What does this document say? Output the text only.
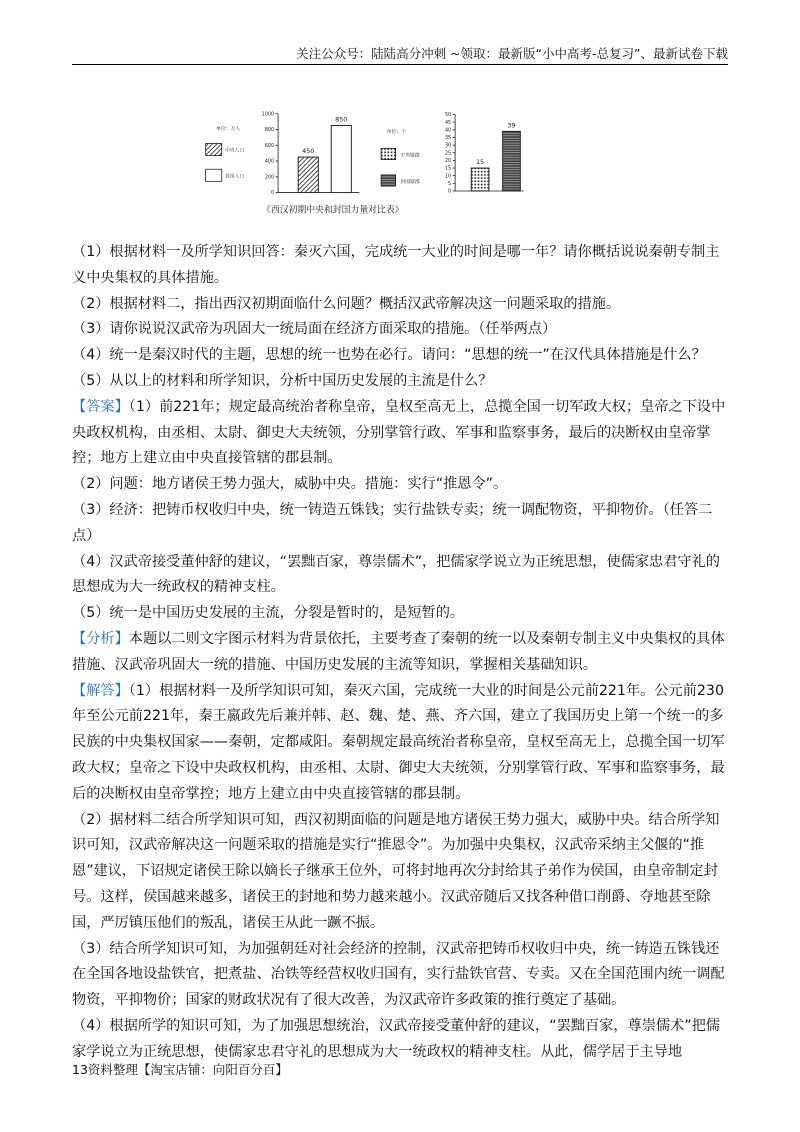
关注公众号：陆陆高分冲刺 ~领取：最新版“小中高考-总复习”、最新试卷下载
单位：万人
中央人口
封国人口
1000
800
600
400
200
0
450
850
单位：个
中央辖郡
封国辖郡
50
45
40
35
30
25
20
15
10
5
0
15
39
《西汉初期中央和封国力量对比表》

（1）根据材料一及所学知识回答：秦灭六国，完成统一大业的时间是哪一年？请你概括说说秦朝专制主义中央集权的具体措施。

（2）根据材料二，指出西汉初期面临什么问题？概括汉武帝解决这一问题采取的措施。

（3）请你说说汉武帝为巩固大一统局面在经济方面采取的措施。（任举两点）

（4）统一是秦汉时代的主题，思想的统一也势在必行。请问：“思想的统一”在汉代具体措施是什么？

（5）从以上的材料和所学知识，分析中国历史发展的主流是什么？

【答案】（1）前221年；规定最高统治者称皇帝，皇权至高无上，总揽全国一切军政大权；皇帝之下设中央政权机构，由丞相、太尉、御史大夫统领，分别掌管行政、军事和监察事务，最后的决断权由皇帝掌控；地方上建立由中央直接管辖的郡县制。

（2）问题：地方诸侯王势力强大，威胁中央。措施：实行“推恩令”。

（3）经济：把铸币权收归中央，统一铸造五铢钱；实行盐铁专卖；统一调配物资，平抑物价。（任答二点）

（4）汉武帝接受董仲舒的建议，“罢黜百家，尊崇儒术”，把儒家学说立为正统思想，使儒家忠君守礼的思想成为大一统政权的精神支柱。

（5）统一是中国历史发展的主流，分裂是暂时的，是短暂的。

【分析】本题以二则文字图示材料为背景依托，主要考查了秦朝的统一以及秦朝专制主义中央集权的具体措施、汉武帝巩固大一统的措施、中国历史发展的主流等知识，掌握相关基础知识。

【解答】（1）根据材料一及所学知识可知，秦灭六国，完成统一大业的时间是公元前221年。公元前230年至公元前221年，秦王嬴政先后兼并韩、赵、魏、楚、燕、齐六国，建立了我国历史上第一个统一的多民族的中央集权国家——秦朝，定都咸阳。秦朝规定最高统治者称皇帝，皇权至高无上，总揽全国一切军政大权；皇帝之下设中央政权机构，由丞相、太尉、御史大夫统领，分别掌管行政、军事和监察事务，最后的决断权由皇帝掌控；地方上建立由中央直接管辖的郡县制。

（2）据材料二结合所学知识可知，西汉初期面临的问题是地方诸侯王势力强大，威胁中央。结合所学知识可知，汉武帝解决这一问题采取的措施是实行“推恩令”。为加强中央集权，汉武帝采纳主父偃的“推恩”建议，下诏规定诸侯王除以嫡长子继承王位外，可将封地再次分封给其子弟作为侯国，由皇帝制定封号。这样，侯国越来越多，诸侯王的封地和势力越来越小。汉武帝随后又找各种借口削爵、夺地甚至除国，严厉镇压他们的叛乱，诸侯王从此一蹶不振。

（3）结合所学知识可知，为加强朝廷对社会经济的控制，汉武帝把铸币权收归中央，统一铸造五铢钱还在全国各地设盐铁官，把煮盐、冶铁等经营权收归国有，实行盐铁官营、专卖。又在全国范围内统一调配物资，平抑物价；国家的财政状况有了很大改善，为汉武帝许多政策的推行奠定了基础。

（4）根据所学的知识可知，为了加强思想统治，汉武帝接受董仲舒的建议，“罢黜百家，尊崇儒术”把儒家学说立为正统思想，使儒家忠君守礼的思想成为大一统政权的精神支柱。从此，儒学居于主导地

13资料整理【淘宝店铺：向阳百分百】
